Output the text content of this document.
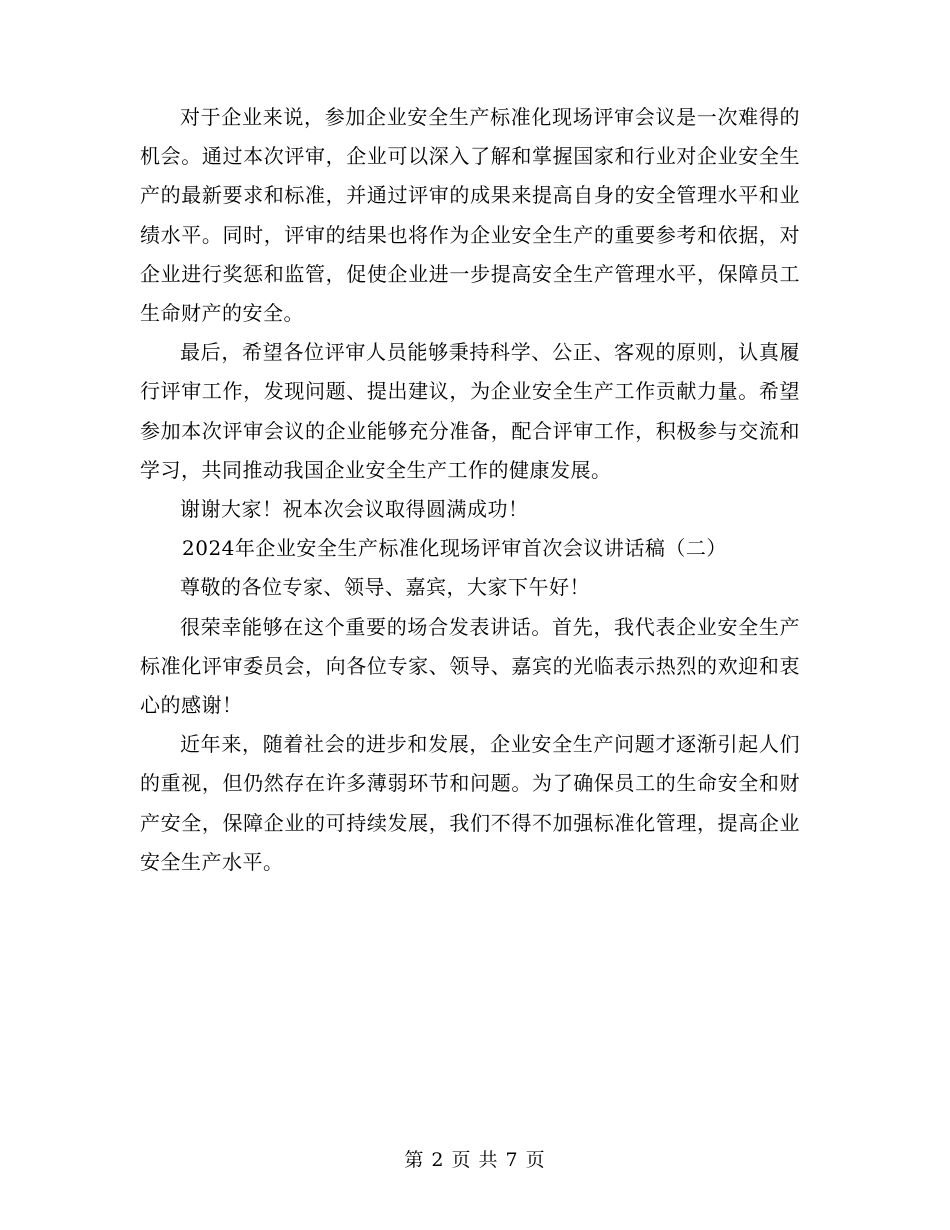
对于企业来说，参加企业安全生产标准化现场评审会议是一次难得的机会。通过本次评审，企业可以深入了解和掌握国家和行业对企业安全生产的最新要求和标准，并通过评审的成果来提高自身的安全管理水平和业绩水平。同时，评审的结果也将作为企业安全生产的重要参考和依据，对企业进行奖惩和监管，促使企业进一步提高安全生产管理水平，保障员工生命财产的安全。

最后，希望各位评审人员能够秉持科学、公正、客观的原则，认真履行评审工作，发现问题、提出建议，为企业安全生产工作贡献力量。希望参加本次评审会议的企业能够充分准备，配合评审工作，积极参与交流和学习，共同推动我国企业安全生产工作的健康发展。

谢谢大家！祝本次会议取得圆满成功！

2024年企业安全生产标准化现场评审首次会议讲话稿（二）

尊敬的各位专家、领导、嘉宾，大家下午好！

很荣幸能够在这个重要的场合发表讲话。首先，我代表企业安全生产标准化评审委员会，向各位专家、领导、嘉宾的光临表示热烈的欢迎和衷心的感谢！

近年来，随着社会的进步和发展，企业安全生产问题才逐渐引起人们的重视，但仍然存在许多薄弱环节和问题。为了确保员工的生命安全和财产安全，保障企业的可持续发展，我们不得不加强标准化管理，提高企业安全生产水平。

第 2 页 共 7 页
